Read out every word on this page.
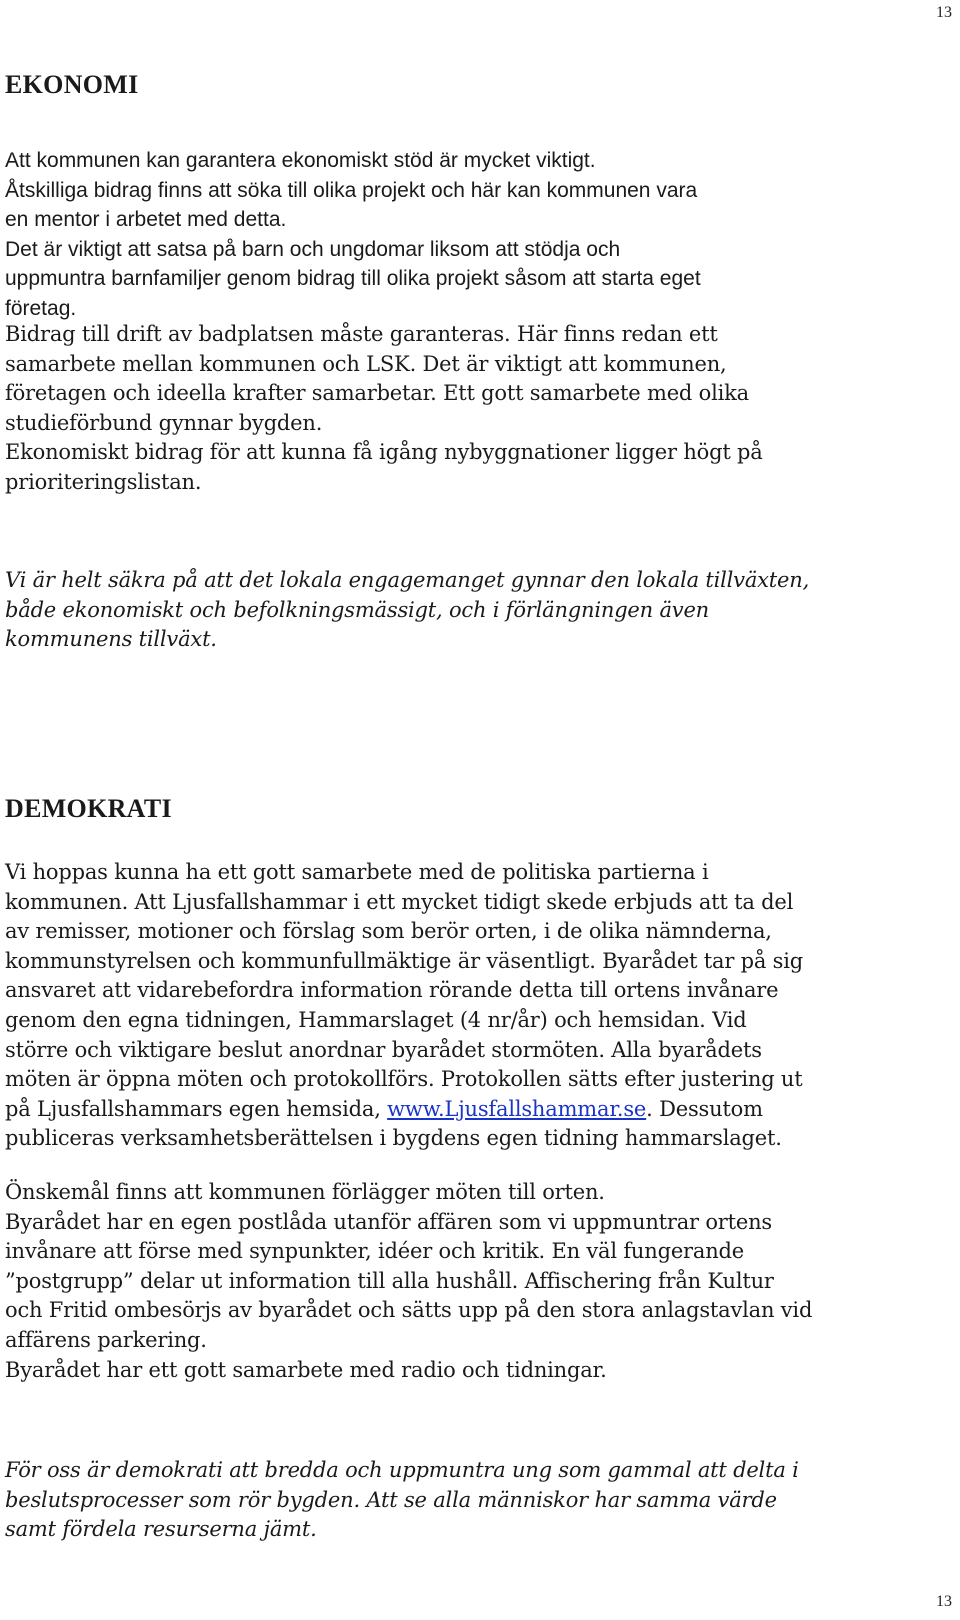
13
EKONOMI
Att kommunen kan garantera ekonomiskt stöd är mycket viktigt.
Åtskilliga bidrag finns att söka till olika projekt och här kan kommunen vara
en mentor i arbetet med detta.
Det är viktigt att satsa på barn och ungdomar liksom att stödja och
uppmuntra barnfamiljer genom bidrag till olika projekt såsom att starta eget
företag.
Bidrag till drift av badplatsen måste garanteras. Här finns redan ett
samarbete mellan kommunen och LSK. Det är viktigt att kommunen,
företagen och ideella krafter samarbetar. Ett gott samarbete med olika
studieförbund gynnar bygden.
Ekonomiskt bidrag för att kunna få igång nybyggnationer ligger högt på
prioriteringslistan.
Vi är helt säkra på att det lokala engagemanget gynnar den lokala tillväxten,
både ekonomiskt och befolkningsmässigt, och i förlängningen även
kommunens tillväxt.
DEMOKRATI
Vi hoppas kunna ha ett gott samarbete med de politiska partierna i
kommunen. Att Ljusfallshammar i ett mycket tidigt skede erbjuds att ta del
av remisser, motioner och förslag som berör orten, i de olika nämnderna,
kommunstyrelsen och kommunfullmäktige är väsentligt. Byarådet tar på sig
ansvaret att vidarebefordra information rörande detta till ortens invånare
genom den egna tidningen, Hammarslaget (4 nr/år) och hemsidan. Vid
större och viktigare beslut anordnar byarådet stormöten. Alla byarådets
möten är öppna möten och protokollförs. Protokollen sätts efter justering ut
på Ljusfallshammars egen hemsida, www.Ljusfallshammar.se. Dessutom
publiceras verksamhetsberättelsen i bygdens egen tidning hammarslaget.
Önskemål finns att kommunen förlägger möten till orten.
Byarådet har en egen postlåda utanför affären som vi uppmuntrar ortens
invånare att förse med synpunkter, idéer och kritik. En väl fungerande
”postgrupp” delar ut information till alla hushåll. Affischering från Kultur
och Fritid ombesörjs av byarådet och sätts upp på den stora anlagstavlan vid
affärens parkering.
Byarådet har ett gott samarbete med radio och tidningar.
För oss är demokrati att bredda och uppmuntra ung som gammal att delta i
beslutsprocesser som rör bygden. Att se alla människor har samma värde
samt fördela resurserna jämt.
13
